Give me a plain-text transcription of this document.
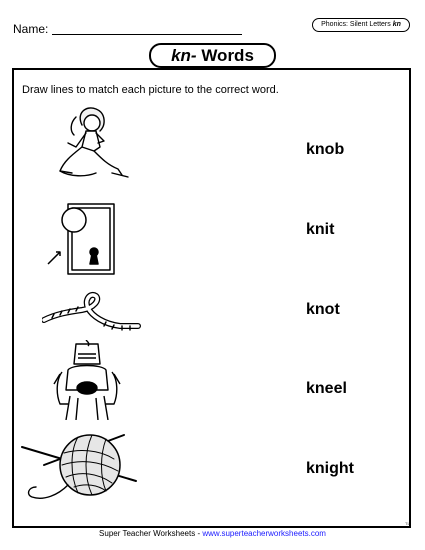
Name:	Phonics: Silent Letters kn
kn- Words
Draw lines to match each picture to the correct word.
knob
knit
knot
kneel
knight
Super Teacher Worksheets - www.superteacherworksheets.com
TL
